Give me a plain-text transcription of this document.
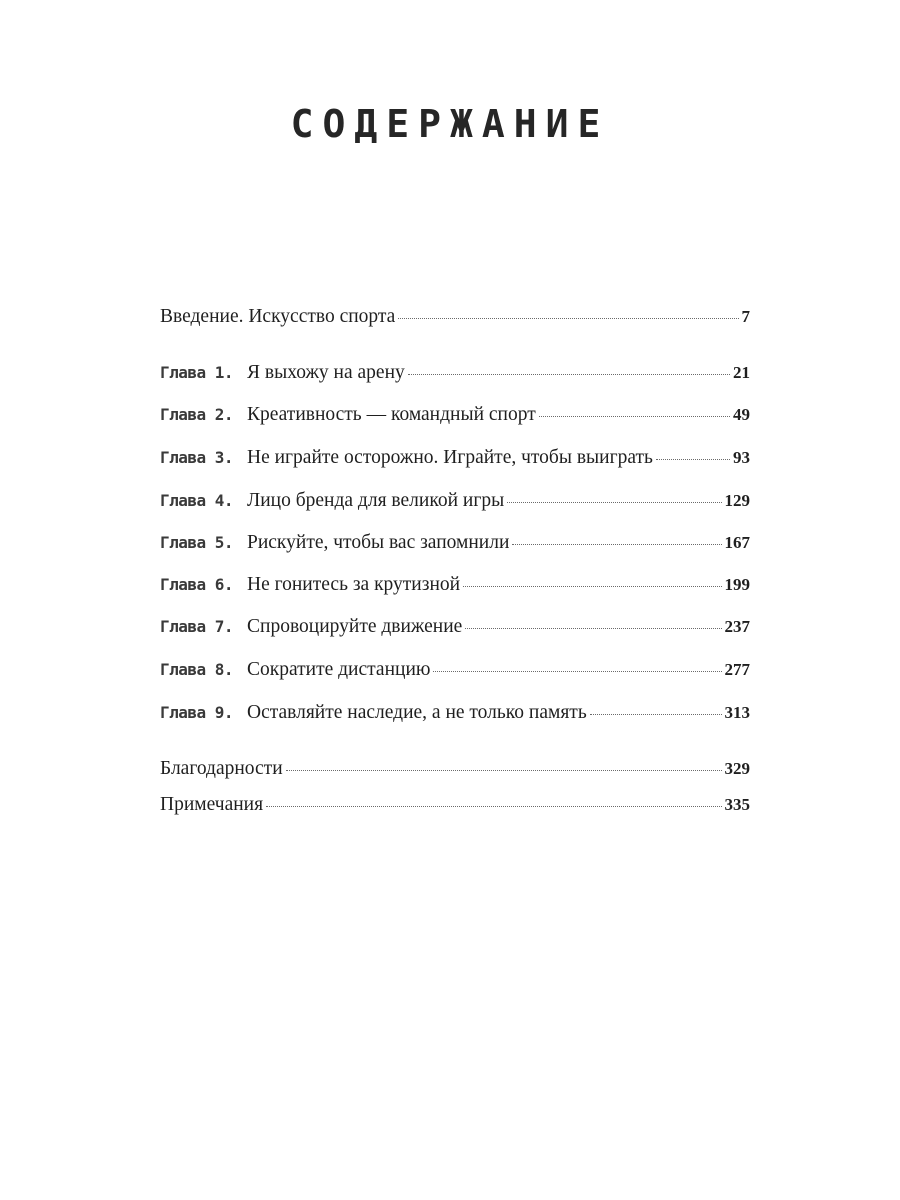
СОДЕРЖАНИЕ
Введение. Искусство спорта	7
Глава 1. Я выхожу на арену	21
Глава 2. Креативность — командный спорт	49
Глава 3. Не играйте осторожно. Играйте, чтобы выиграть	93
Глава 4. Лицо бренда для великой игры	129
Глава 5. Рискуйте, чтобы вас запомнили	167
Глава 6. Не гонитесь за крутизной	199
Глава 7. Спровоцируйте движение	237
Глава 8. Сократите дистанцию	277
Глава 9. Оставляйте наследие, а не только память	313
Благодарности	329
Примечания	335
